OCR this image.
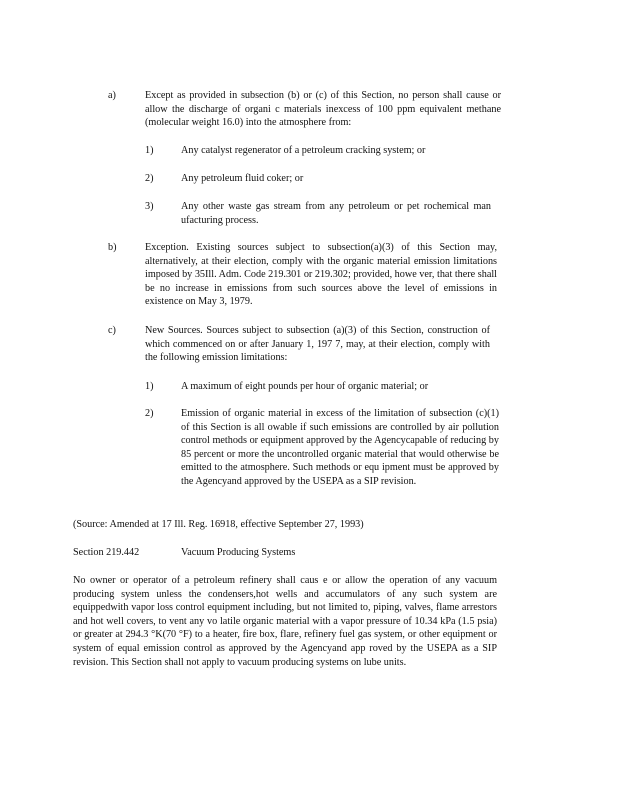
a)	Except as provided in subsection (b) or (c) of this Section, no person shall cause or allow the discharge of organi c materials inexcess of 100 ppm equivalent methane (molecular weight 16.0) into the atmosphere from:
1)	Any catalyst regenerator of a petroleum cracking system; or
2)	Any petroleum fluid coker; or
3)	Any other waste gas stream from any petroleum or pet rochemical man ufacturing process.
b)	Exception. Existing sources subject to subsection(a)(3) of this Section may, alternatively, at their election, comply with the organic material emission limitations imposed by 35Ill. Adm. Code 219.301 or 219.302; provided, howe ver, that there shall be no increase in emissions from such sources above the level of emissions in existence on May 3, 1979.
c)	New Sources. Sources subject to subsection (a)(3) of this Section, construction of which commenced on or after January 1, 197 7, may, at their election, comply with the following emission limitations:
1)	A maximum of eight pounds per hour of organic material; or
2)	Emission of organic material in excess of the limitation of subsection (c)(1) of this Section is all owable if such emissions are controlled by air pollution control methods or equipment approved by the Agencycapable of reducing by 85 percent or more the uncontrolled organic material that would otherwise be emitted to the atmosphere. Such methods or equ ipment must be approved by the Agencyand approved by the USEPA as a SIP revision.
(Source: Amended at 17 Ill. Reg. 16918, effective September 27, 1993)
Section 219.442	Vacuum Producing Systems
No owner or operator of a petroleum refinery shall caus e or allow the operation of any vacuum producing system unless the condensers,hot wells and accumulators of any such system are equippedwith vapor loss control equipment including, but not limited to, piping, valves, flame arrestors and hot well covers, to vent any vo latile organic material with a vapor pressure of 10.34 kPa (1.5 psia) or greater at 294.3 °K(70 °F) to a heater, fire box, flare, refinery fuel gas system, or other equipment or system of equal emission control as approved by the Agencyand app roved by the USEPA as a SIP revision. This Section shall not apply to vacuum producing systems on lube units.
